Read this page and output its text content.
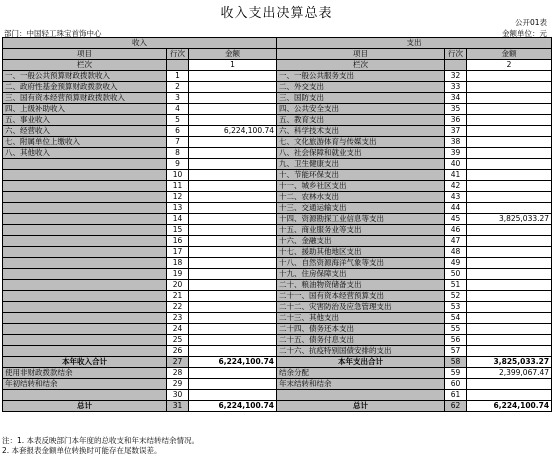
收入支出决算总表
公开01表
部门：中国轻工珠宝首饰中心	金额单位：元
收入			支出		
项目	行次	金额	项目	行次	金额
栏次		1	栏次		2
一、一般公共预算财政拨款收入	1		一、一般公共服务支出	32	
二、政府性基金预算财政拨款收入	2		二、外交支出	33	
三、国有资本经营预算财政拨款收入	3		三、国防支出	34	
四、上级补助收入	4		四、公共安全支出	35	
五、事业收入	5		五、教育支出	36	
六、经营收入	6	6,224,100.74	六、科学技术支出	37	
七、附属单位上缴收入	7		七、文化旅游体育与传媒支出	38	
八、其他收入	8		八、社会保障和就业支出	39	
	9		九、卫生健康支出	40	
	10		十、节能环保支出	41	
	11		十一、城乡社区支出	42	
	12		十二、农林水支出	43	
	13		十三、交通运输支出	44	
	14		十四、资源勘探工业信息等支出	45	3,825,033.27
	15		十五、商业服务业等支出	46	
	16		十六、金融支出	47	
	17		十七、援助其他地区支出	48	
	18		十八、自然资源海洋气象等支出	49	
	19		十九、住房保障支出	50	
	20		二十、粮油物资储备支出	51	
	21		二十一、国有资本经营预算支出	52	
	22		二十二、灾害防治及应急管理支出	53	
	23		二十三、其他支出	54	
	24		二十四、债务还本支出	55	
	25		二十五、债务付息支出	56	
	26		二十六、抗疫特别国债安排的支出	57	
本年收入合计	27	6,224,100.74	本年支出合计	58	3,825,033.27
使用非财政拨款结余	28		结余分配	59	2,399,067.47
年初结转和结余	29		年末结转和结余	60	
	30			61	
总计	31	6,224,100.74	总计	62	6,224,100.74
注：1. 本表反映部门本年度的总收支和年末结转结余情况。
2. 本套报表金额单位转换时可能存在尾数误差。
